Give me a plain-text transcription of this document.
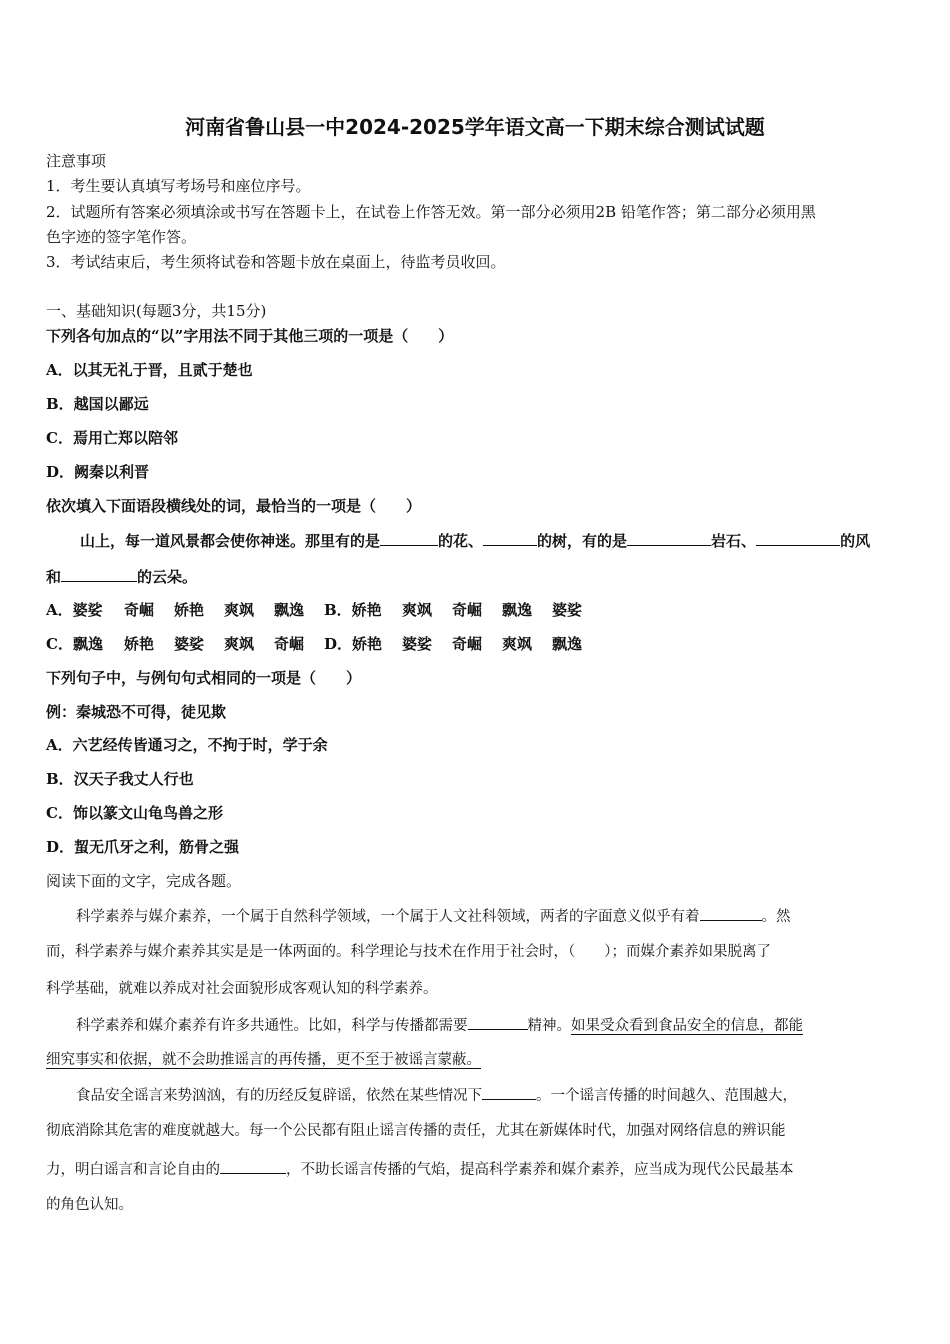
河南省鲁山县一中2024-2025学年语文高一下期末综合测试试题
注意事项
1．考生要认真填写考场号和座位序号。
2．试题所有答案必须填涂或书写在答题卡上，在试卷上作答无效。第一部分必须用2B 铅笔作答；第二部分必须用黑
色字迹的签字笔作答。
3．考试结束后，考生须将试卷和答题卡放在桌面上，待监考员收回。
一、基础知识(每题3分，共15分)
下列各句加点的“以”字用法不同于其他三项的一项是（　　）
A．以其无礼于晋，且贰于楚也
B．越国以鄙远
C．焉用亡郑以陪邻
D．阙秦以利晋
依次填入下面语段横线处的词，最恰当的一项是（　　）
山上，每一道风景都会使你神迷。那里有的是	的花、	的树，有的是	岩石、	的风
和	的云朵。
A．婆娑 奇崛 娇艳 爽飒 飘逸 B．娇艳 爽飒 奇崛 飘逸 婆娑
C．飘逸 娇艳 婆娑 爽飒 奇崛 D．娇艳 婆娑 奇崛 爽飒 飘逸
下列句子中，与例句句式相同的一项是（　　）
例：秦城恐不可得，徒见欺
A．六艺经传皆通习之，不拘于时，学于余
B．汉天子我丈人行也
C．饰以篆文山龟鸟兽之形
D．蛪无爪牙之利，筋骨之强
阅读下面的文字，完成各题。
科学素养与媒介素养，一个属于自然科学领域，一个属于人文社科领域，两者的字面意义似乎有着	。然
而，科学素养与媒介素养其实是是一体两面的。科学理论与技术在作用于社会时，（　　）；而媒介素养如果脱离了
科学基础，就难以养成对社会面貌形成客观认知的科学素养。
科学素养和媒介素养有许多共通性。比如，科学与传播都需要	精神。如果受众看到食品安全的信息，都能
细究事实和依据，就不会助推谣言的再传播，更不至于被谣言蒙蔽。
食品安全谣言来势汹汹，有的历经反复辟谣，依然在某些情况下	。一个谣言传播的时间越久、范围越大，
彻底消除其危害的难度就越大。每一个公民都有阻止谣言传播的责任，尤其在新媒体时代，加强对网络信息的辨识能
力，明白谣言和言论自由的	，不助长谣言传播的气焰，提高科学素养和媒介素养，应当成为现代公民最基本
的角色认知。
